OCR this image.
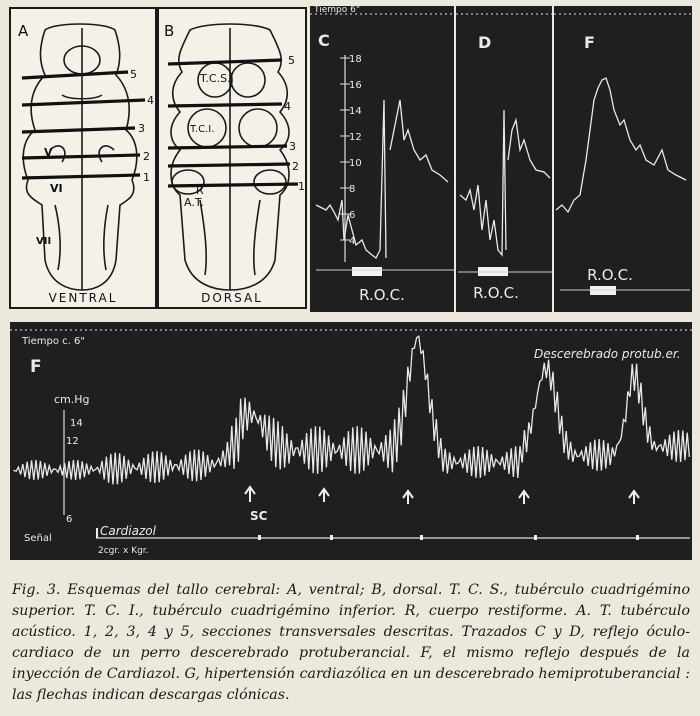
A
5
4
3
2
1
V
VI
VII
VENTRAL
B
5
4
3
2
1
T.C.S.
T.C.I.
R
A.T.
DORSAL
Tiempo 6"
C
18
16
14
12
10
8
6
4
R.O.C.
D
R.O.C.
F
R.O.C.
Tiempo c. 6"
F
Descerebrado protub.er.
cm.Hg
14
12
6	SC
Señal
Cardiazol
2cgr. x Kgr.
Fig. 3. Esquemas del tallo cerebral: A, ventral; B, dorsal. T. C. S., tubérculo cuadrigémino superior. T. C. I., tubérculo cuadrigémino inferior. R, cuerpo restiforme. A. T. tubérculo acústico. 1, 2, 3, 4 y 5, secciones transversales descritas. Trazados C y D, reflejo óculo-cardiaco de un perro descerebrado protuberancial. F, el mismo reflejo después de la inyección de Cardiazol. G, hipertensión cardiazólica en un descerebrado hemiprotuberancial : las flechas indican descargas clónicas.
